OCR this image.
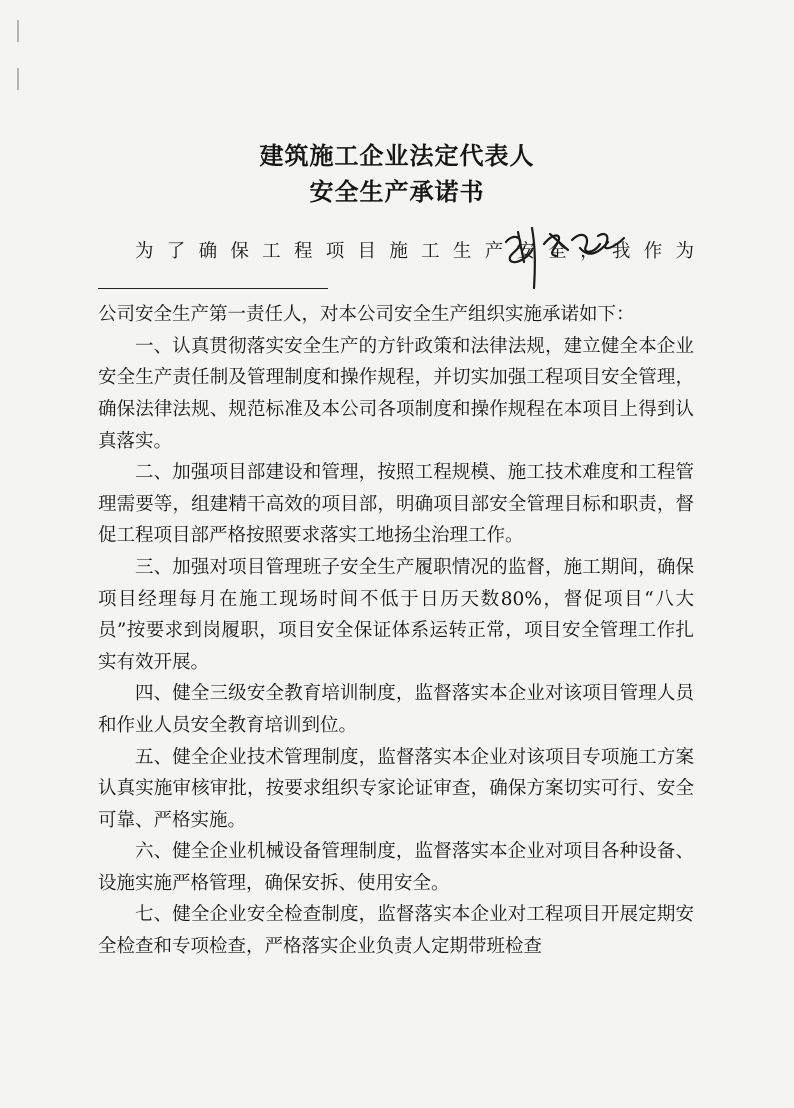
建筑施工企业法定代表人
安全生产承诺书

为了确保工程项目施工生产安全，我作为

公司安全生产第一责任人，对本公司安全生产组织实施承诺如下：

一、认真贯彻落实安全生产的方针政策和法律法规，建立健全本企业安全生产责任制及管理制度和操作规程，并切实加强工程项目安全管理，确保法律法规、规范标准及本公司各项制度和操作规程在本项目上得到认真落实。

二、加强项目部建设和管理，按照工程规模、施工技术难度和工程管理需要等，组建精干高效的项目部，明确项目部安全管理目标和职责，督促工程项目部严格按照要求落实工地扬尘治理工作。

三、加强对项目管理班子安全生产履职情况的监督，施工期间，确保项目经理每月在施工现场时间不低于日历天数80%，督促项目“八大员”按要求到岗履职，项目安全保证体系运转正常，项目安全管理工作扎实有效开展。

四、健全三级安全教育培训制度，监督落实本企业对该项目管理人员和作业人员安全教育培训到位。

五、健全企业技术管理制度，监督落实本企业对该项目专项施工方案认真实施审核审批，按要求组织专家论证审查，确保方案切实可行、安全可靠、严格实施。

六、健全企业机械设备管理制度，监督落实本企业对项目各种设备、设施实施严格管理，确保安拆、使用安全。

七、健全企业安全检查制度，监督落实本企业对工程项目开展定期安全检查和专项检查，严格落实企业负责人定期带班检查
